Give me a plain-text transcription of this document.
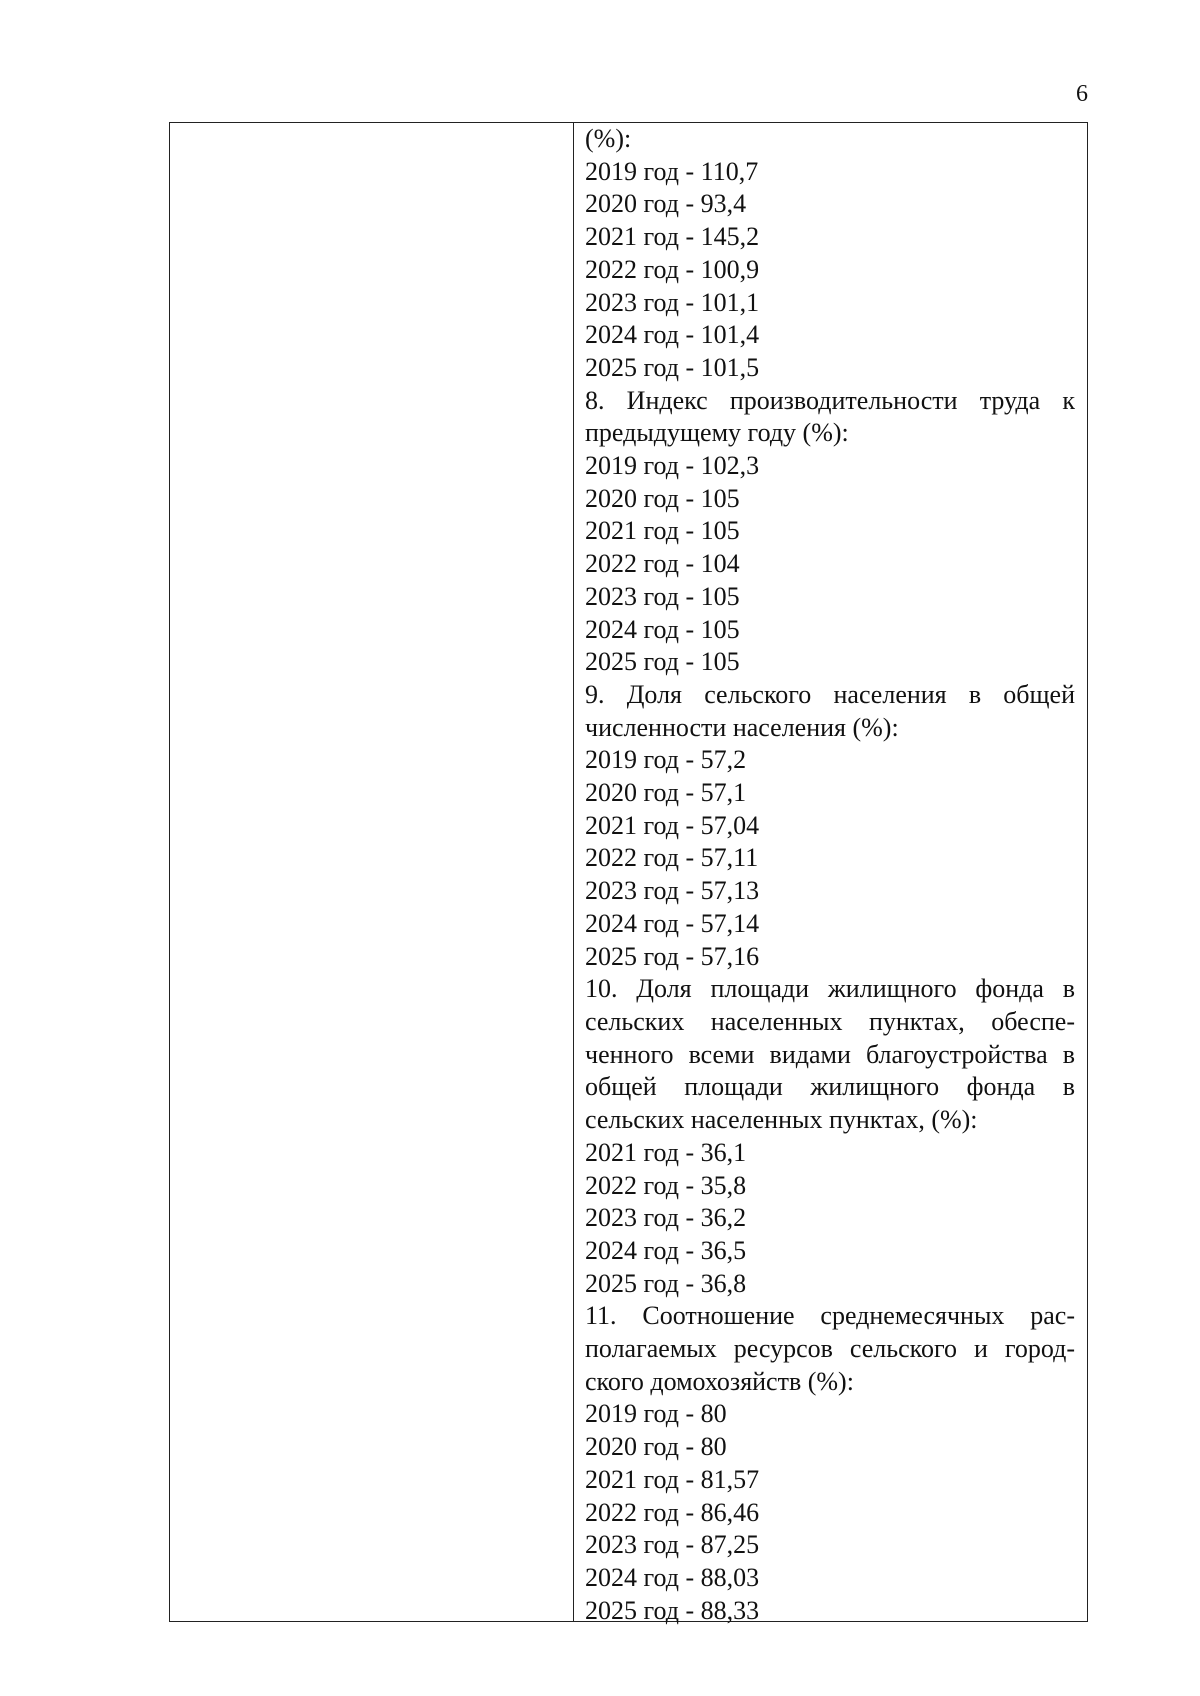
6
(%):
2019 год - 110,7
2020 год - 93,4
2021 год - 145,2
2022 год - 100,9
2023 год - 101,1
2024 год - 101,4
2025 год - 101,5
8. Индекс производительности труда к
предыдущему году (%):
2019 год - 102,3
2020 год - 105
2021 год - 105
2022 год - 104
2023 год - 105
2024 год - 105
2025 год - 105
9. Доля сельского населения в общей
численности населения (%):
2019 год - 57,2
2020 год - 57,1
2021 год - 57,04
2022 год - 57,11
2023 год - 57,13
2024 год - 57,14
2025 год - 57,16
10. Доля площади жилищного фонда в
сельских населенных пунктах, обеспе-
ченного всеми видами благоустройства в
общей площади жилищного фонда в
сельских населенных пунктах, (%):
2021 год - 36,1
2022 год - 35,8
2023 год - 36,2
2024 год - 36,5
2025 год - 36,8
11. Соотношение среднемесячных рас-
полагаемых ресурсов сельского и город-
ского домохозяйств (%):
2019 год - 80
2020 год - 80
2021 год - 81,57
2022 год - 86,46
2023 год - 87,25
2024 год - 88,03
2025 год - 88,33
